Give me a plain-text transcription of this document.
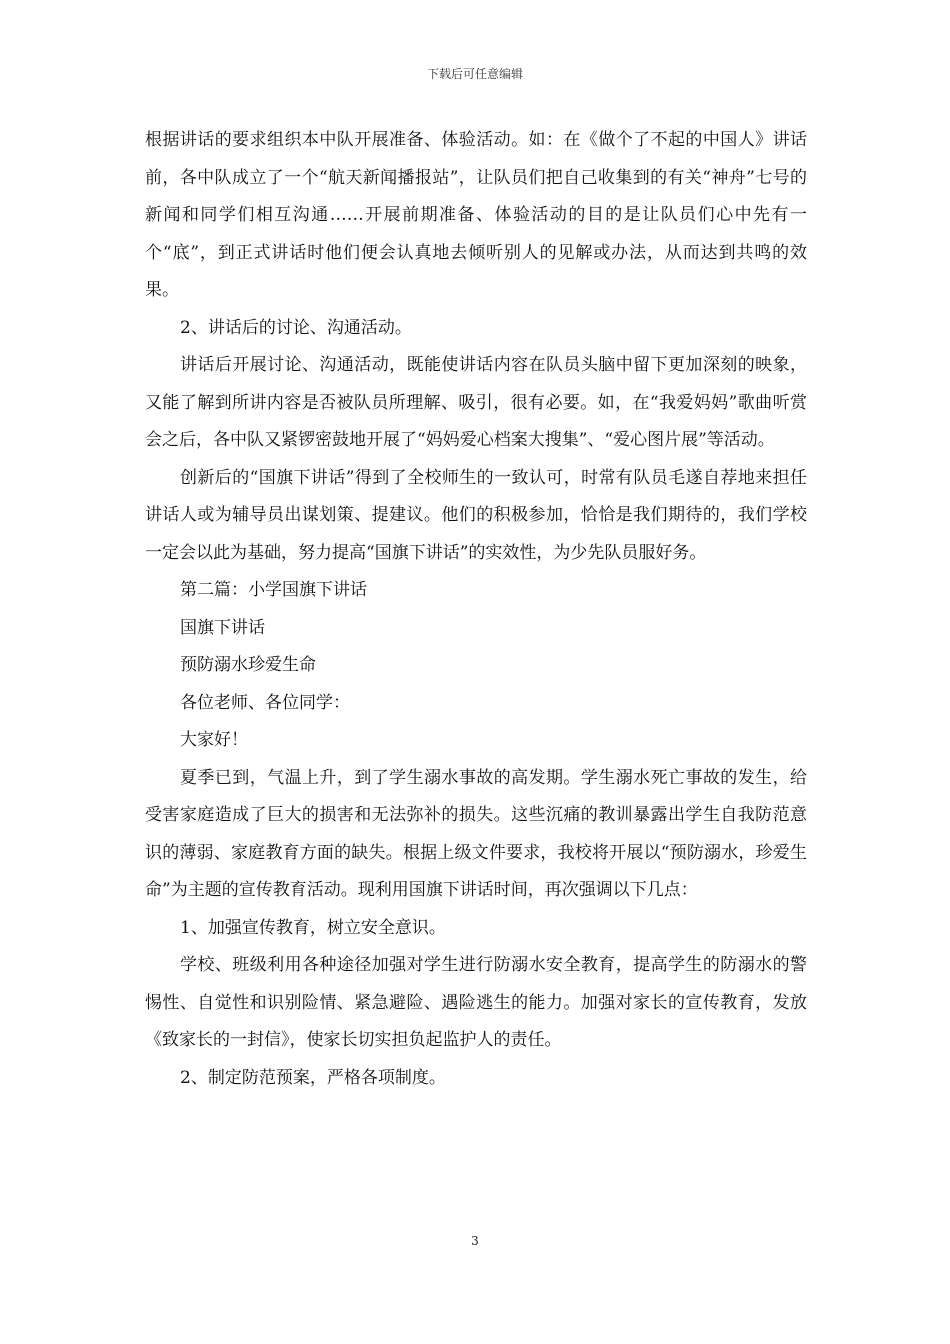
下载后可任意编辑

根据讲话的要求组织本中队开展准备、体验活动。如：在《做个了不起的中国人》讲话前，各中队成立了一个“航天新闻播报站”，让队员们把自己收集到的有关“神舟”七号的新闻和同学们相互沟通……开展前期准备、体验活动的目的是让队员们心中先有一个“底”，到正式讲话时他们便会认真地去倾听别人的见解或办法，从而达到共鸣的效果。

2、讲话后的讨论、沟通活动。

讲话后开展讨论、沟通活动，既能使讲话内容在队员头脑中留下更加深刻的映象，又能了解到所讲内容是否被队员所理解、吸引，很有必要。如，在“我爱妈妈”歌曲听赏会之后，各中队又紧锣密鼓地开展了“妈妈爱心档案大搜集”、“爱心图片展”等活动。

创新后的“国旗下讲话”得到了全校师生的一致认可，时常有队员毛遂自荐地来担任讲话人或为辅导员出谋划策、提建议。他们的积极参加，恰恰是我们期待的，我们学校一定会以此为基础，努力提高“国旗下讲话”的实效性，为少先队员服好务。

第二篇：小学国旗下讲话

国旗下讲话

预防溺水珍爱生命

各位老师、各位同学：

大家好！

夏季已到，气温上升，到了学生溺水事故的高发期。学生溺水死亡事故的发生，给受害家庭造成了巨大的损害和无法弥补的损失。这些沉痛的教训暴露出学生自我防范意识的薄弱、家庭教育方面的缺失。根据上级文件要求，我校将开展以“预防溺水，珍爱生命”为主题的宣传教育活动。现利用国旗下讲话时间，再次强调以下几点：

1、加强宣传教育，树立安全意识。

学校、班级利用各种途径加强对学生进行防溺水安全教育，提高学生的防溺水的警惕性、自觉性和识别险情、紧急避险、遇险逃生的能力。加强对家长的宣传教育，发放《致家长的一封信》，使家长切实担负起监护人的责任。

2、制定防范预案，严格各项制度。

3
